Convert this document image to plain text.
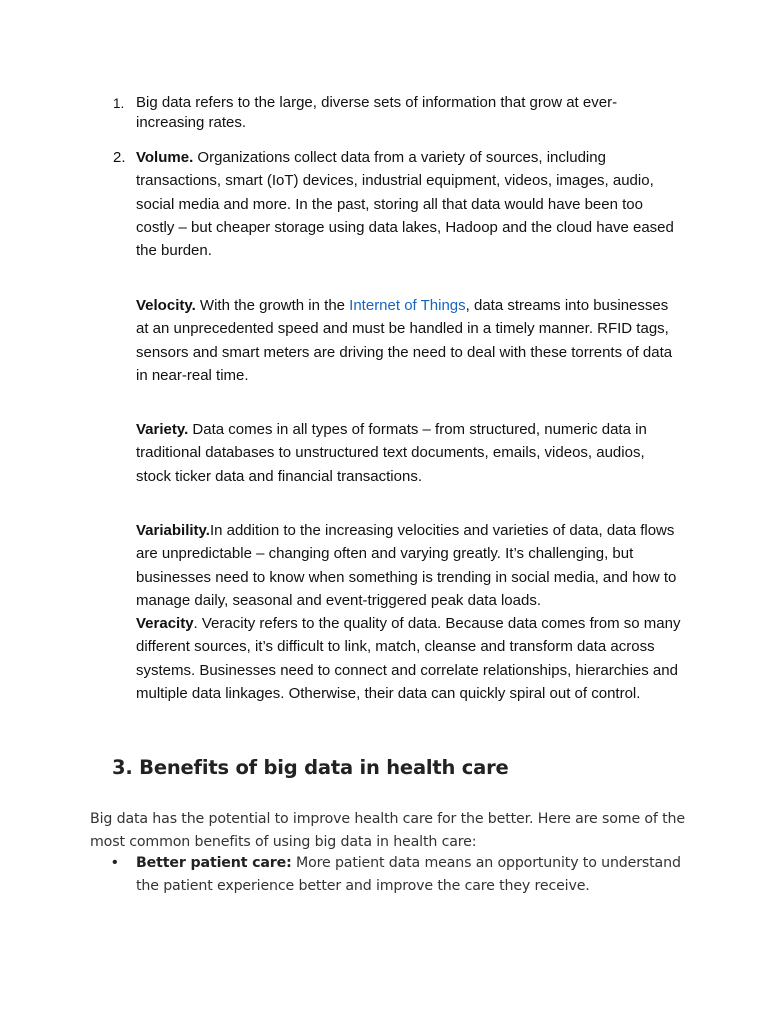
1. Big data refers to the large, diverse sets of information that grow at ever-increasing rates.
2. Volume. Organizations collect data from a variety of sources, including transactions, smart (IoT) devices, industrial equipment, videos, images, audio, social media and more. In the past, storing all that data would have been too costly – but cheaper storage using data lakes, Hadoop and the cloud have eased the burden.
Velocity. With the growth in the Internet of Things, data streams into businesses at an unprecedented speed and must be handled in a timely manner. RFID tags, sensors and smart meters are driving the need to deal with these torrents of data in near-real time.
Variety. Data comes in all types of formats – from structured, numeric data in traditional databases to unstructured text documents, emails, videos, audios, stock ticker data and financial transactions.
Variability.In addition to the increasing velocities and varieties of data, data flows are unpredictable – changing often and varying greatly. It’s challenging, but businesses need to know when something is trending in social media, and how to manage daily, seasonal and event-triggered peak data loads.
Veracity. Veracity refers to the quality of data. Because data comes from so many different sources, it’s difficult to link, match, cleanse and transform data across systems. Businesses need to connect and correlate relationships, hierarchies and multiple data linkages. Otherwise, their data can quickly spiral out of control.
3. Benefits of big data in health care
Big data has the potential to improve health care for the better. Here are some of the most common benefits of using big data in health care:
• Better patient care: More patient data means an opportunity to understand the patient experience better and improve the care they receive.
